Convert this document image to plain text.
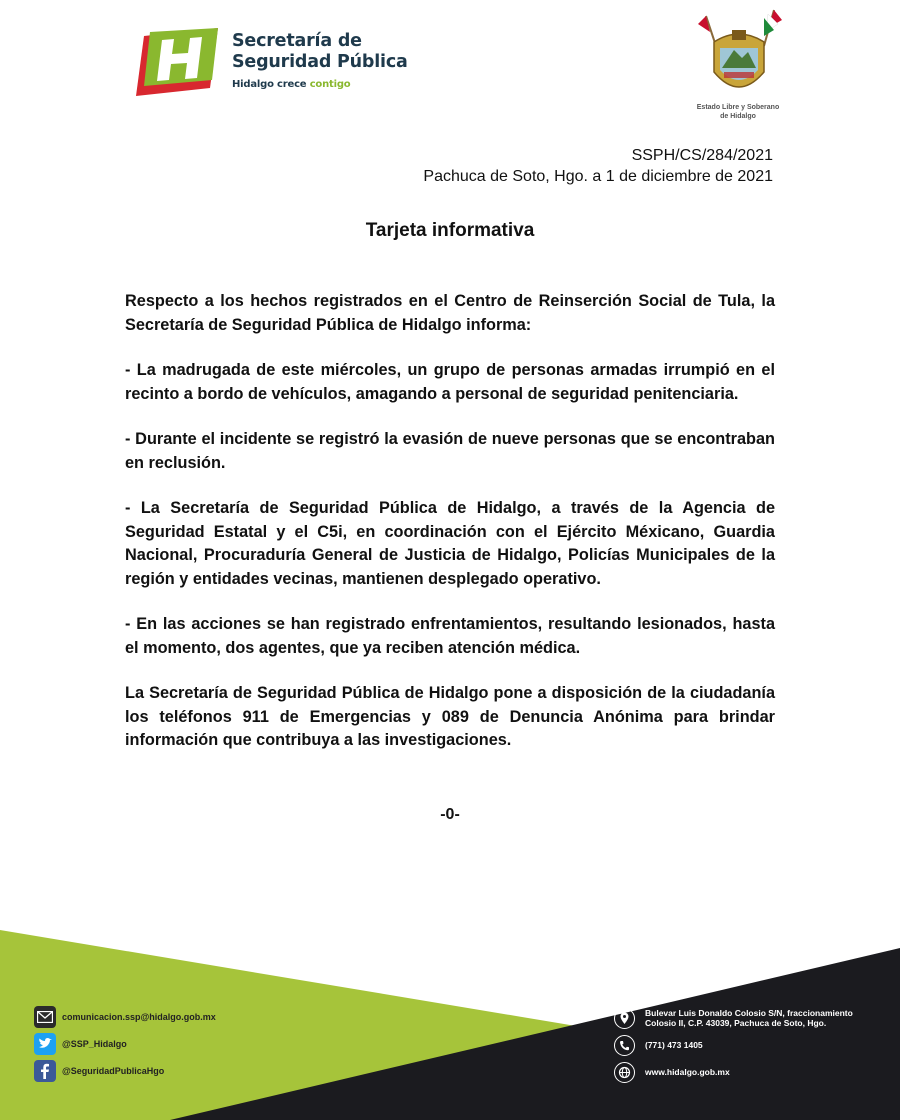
Secretaría de
Seguridad Pública
Hidalgo crece contigo
Estado Libre y Soberano
de Hidalgo
SSPH/CS/284/2021
Pachuca de Soto, Hgo. a 1 de diciembre de 2021
Tarjeta informativa

Respecto a los hechos registrados en el Centro de Reinserción Social de Tula, la Secretaría de Seguridad Pública de Hidalgo informa:

- La madrugada de este miércoles, un grupo de personas armadas irrumpió en el recinto a bordo de vehículos, amagando a personal de seguridad penitenciaria.

- Durante el incidente se registró la evasión de nueve personas que se encontraban en reclusión.

- La Secretaría de Seguridad Pública de Hidalgo, a través de la Agencia de Seguridad Estatal y el C5i, en coordinación con el Ejército Méxicano, Guardia Nacional, Procuraduría General de Justicia de Hidalgo, Policías Municipales de la región y entidades vecinas, mantienen desplegado operativo.

- En las acciones se han registrado enfrentamientos, resultando lesionados, hasta el momento, dos agentes, que ya reciben atención médica.

La Secretaría de Seguridad Pública de Hidalgo pone a disposición de la ciudadanía los teléfonos 911 de Emergencias y 089 de Denuncia Anónima para brindar información que contribuya a las investigaciones.

-0-
comunicacion.ssp@hidalgo.gob.mx
@SSP_Hidalgo
@SeguridadPublicaHgo
Bulevar Luis Donaldo Colosio S/N, fraccionamiento
Colosio II, C.P. 43039, Pachuca de Soto, Hgo.
(771) 473 1405
www.hidalgo.gob.mx
